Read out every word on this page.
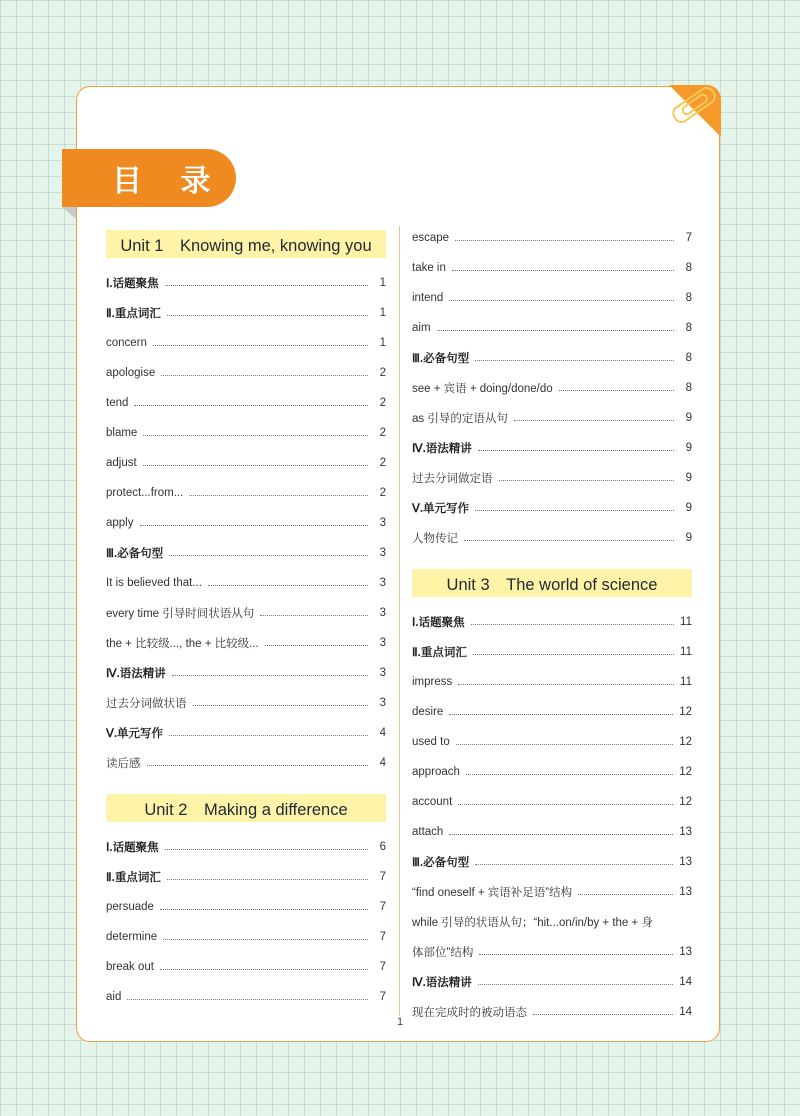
目 录
Unit 1　Knowing me, knowing you
Ⅰ.话题聚焦	1
Ⅱ.重点词汇	1
concern	1
apologise	2
tend	2
blame	2
adjust	2
protect...from...	2
apply	3
Ⅲ.必备句型	3
It is believed that...	3
every time 引导时间状语从句	3
the + 比较级..., the + 比较级...	3
Ⅳ.语法精讲	3
过去分词做状语	3
Ⅴ.单元写作	4
读后感	4
Unit 2　Making a difference
Ⅰ.话题聚焦	6
Ⅱ.重点词汇	7
persuade	7
determine	7
break out	7
aid	7
escape	7
take in	8
intend	8
aim	8
Ⅲ.必备句型	8
see + 宾语 + doing/done/do	8
as 引导的定语从句	9
Ⅳ.语法精讲	9
过去分词做定语	9
Ⅴ.单元写作	9
人物传记	9
Unit 3　The world of science
Ⅰ.话题聚焦	11
Ⅱ.重点词汇	11
impress	11
desire	12
used to	12
approach	12
account	12
attach	13
Ⅲ.必备句型	13
“find oneself + 宾语补足语”结构	13
while 引导的状语从句；“hit...on/in/by + the + 身
体部位”结构	13
Ⅳ.语法精讲	14
现在完成时的被动语态	14
1
